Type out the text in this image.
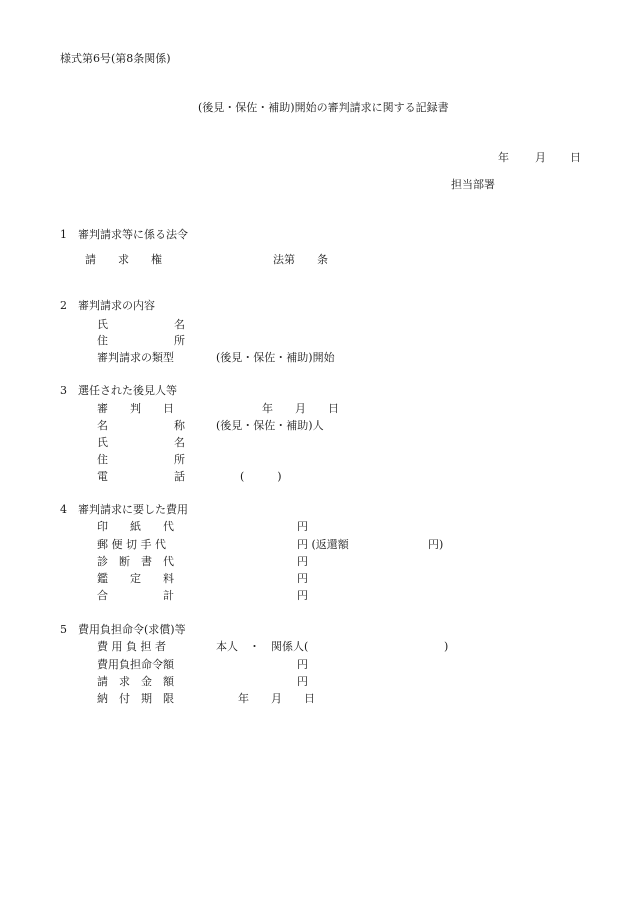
様式第6号(第8条関係)
(後見・保佐・補助)開始の審判請求に関する記録書
年 月 日
担当部署
1　審判請求等に係る法令
請　　求　　権	法第　　条
2　審判請求の内容
氏　　　　　　名
住　　　　　　所
審判請求の類型	(後見・保佐・補助)開始
3　選任された後見人等
審　　判　　日	年　　月　　日
名　　　　　　称	(後見・保佐・補助)人
氏　　　　　　名
住　　　　　　所
電　　　　　　話	(　　　)
4　審判請求に要した費用
印　　紙　　代	円
郵 便 切 手 代	円 (返還額	円)
診　断　書　代	円
鑑　　定　　料	円
合　　　　　計	円
5　費用負担命令(求償)等
費 用 負 担 者	本人　・　関係人(	)
費用負担命令額	円
請　求　金　額	円
納　付　期　限	年　　月　　日
